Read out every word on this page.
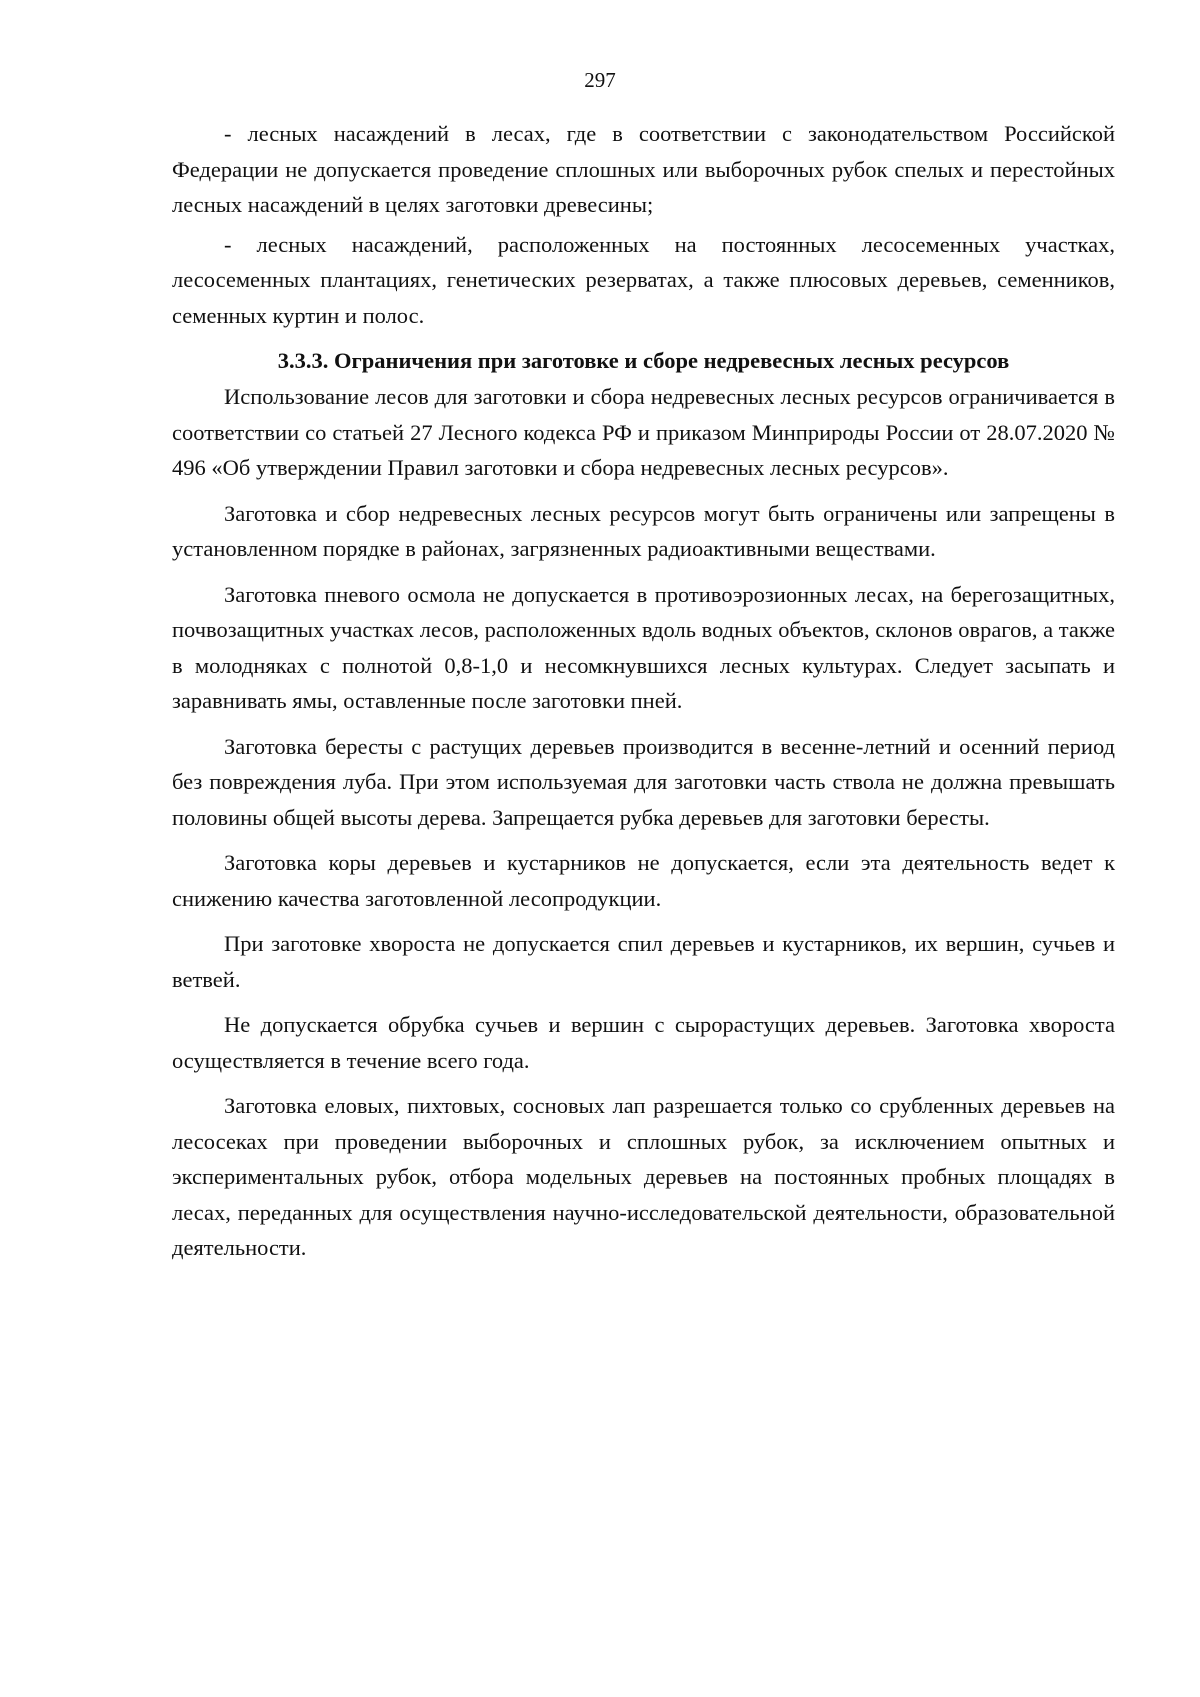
297

- лесных насаждений в лесах, где в соответствии с законодательством Российской Федерации не допускается проведение сплошных или выборочных рубок спелых и перестойных лесных насаждений в целях заготовки древесины;

- лесных насаждений, расположенных на постоянных лесосеменных участках, лесосеменных плантациях, генетических резерватах, а также плюсовых деревьев, семенников, семенных куртин и полос.

3.3.3. Ограничения при заготовке и сборе недревесных лесных ресурсов

Использование лесов для заготовки и сбора недревесных лесных ресурсов ограничивается в соответствии со статьей 27 Лесного кодекса РФ и приказом Минприроды России от 28.07.2020 № 496 «Об утверждении Правил заготовки и сбора недревесных лесных ресурсов».

Заготовка и сбор недревесных лесных ресурсов могут быть ограничены или запрещены в установленном порядке в районах, загрязненных радиоактивными веществами.

Заготовка пневого осмола не допускается в противоэрозионных лесах, на берегозащитных, почвозащитных участках лесов, расположенных вдоль водных объектов, склонов оврагов, а также в молодняках с полнотой 0,8-1,0 и несомкнувшихся лесных культурах. Следует засыпать и заравнивать ямы, оставленные после заготовки пней.

Заготовка бересты с растущих деревьев производится в весенне-летний и осенний период без повреждения луба. При этом используемая для заготовки часть ствола не должна превышать половины общей высоты дерева. Запрещается рубка деревьев для заготовки бересты.

Заготовка коры деревьев и кустарников не допускается, если эта деятельность ведет к снижению качества заготовленной лесопродукции.

При заготовке хвороста не допускается спил деревьев и кустарников, их вершин, сучьев и ветвей.

Не допускается обрубка сучьев и вершин с сырорастущих деревьев. Заготовка хвороста осуществляется в течение всего года.

Заготовка еловых, пихтовых, сосновых лап разрешается только со срубленных деревьев на лесосеках при проведении выборочных и сплошных рубок, за исключением опытных и экспериментальных рубок, отбора модельных деревьев на постоянных пробных площадях в лесах, переданных для осуществления научно-исследовательской деятельности, образовательной деятельности.
